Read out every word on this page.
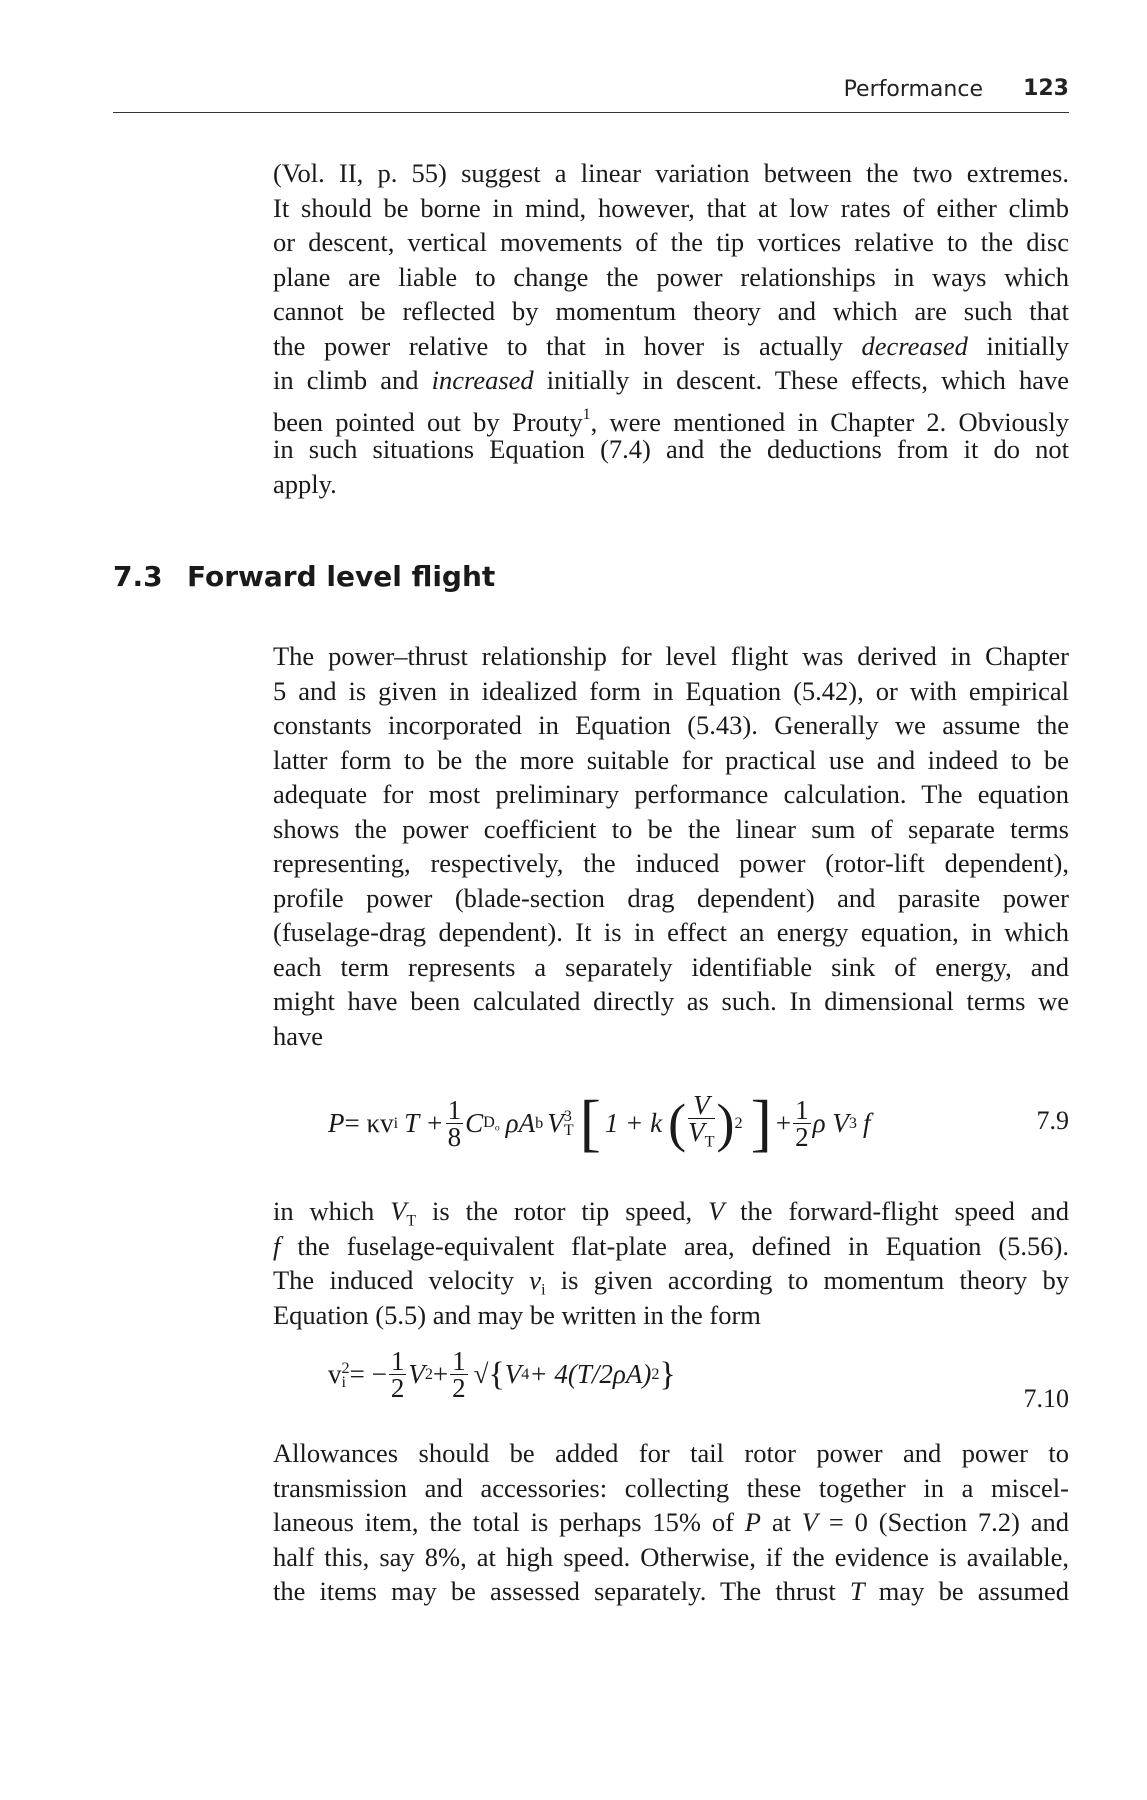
Performance 123
(Vol. II, p. 55) suggest a linear variation between the two extremes.
It should be borne in mind, however, that at low rates of either climb
or descent, vertical movements of the tip vortices relative to the disc
plane are liable to change the power relationships in ways which
cannot be reflected by momentum theory and which are such that
the power relative to that in hover is actually decreased initially
in climb and increased initially in descent. These effects, which have
been pointed out by Prouty$^1$, were mentioned in Chapter 2. Obviously
in such situations Equation (7.4) and the deductions from it do not
apply.
7.3 Forward level flight
The power–thrust relationship for level flight was derived in Chapter
5 and is given in idealized form in Equation (5.42), or with empirical
constants incorporated in Equation (5.43). Generally we assume the
latter form to be the more suitable for practical use and indeed to be
adequate for most preliminary performance calculation. The equation
shows the power coefficient to be the linear sum of separate terms
representing, respectively, the induced power (rotor-lift dependent),
profile power (blade-section drag dependent) and parasite power
(fuselage-drag dependent). It is in effect an energy equation, in which
each term represents a separately identifiable sink of energy, and
might have been calculated directly as such. In dimensional terms we
have
P = κv i $T + \frac{1}{8}$ C $D_o$ ρA b V 3
T [ 1 + k ( $\frac{V}{V_T}$ ) 2 ] + $\frac{1}{2}$ ρ V 3 f	7.9
in which $V_T$ is the rotor tip speed, V the forward-flight speed and
f the fuselage-equivalent flat-plate area, defined in Equation (5.56).
The induced velocity $v_i$ is given according to momentum theory by
Equation (5.5) and may be written in the form
v 2
i = − $\frac{1}{2}$ V $2 + \frac{1}{2}$ √ { V 4 + 4(T/2ρA) 2 }
7.10
Allowances should be added for tail rotor power and power to
transmission and accessories: collecting these together in a miscel-
laneous item, the total is perhaps 15% of P at V = 0 (Section 7.2) and
half this, say 8%, at high speed. Otherwise, if the evidence is available,
the items may be assessed separately. The thrust T may be assumed
